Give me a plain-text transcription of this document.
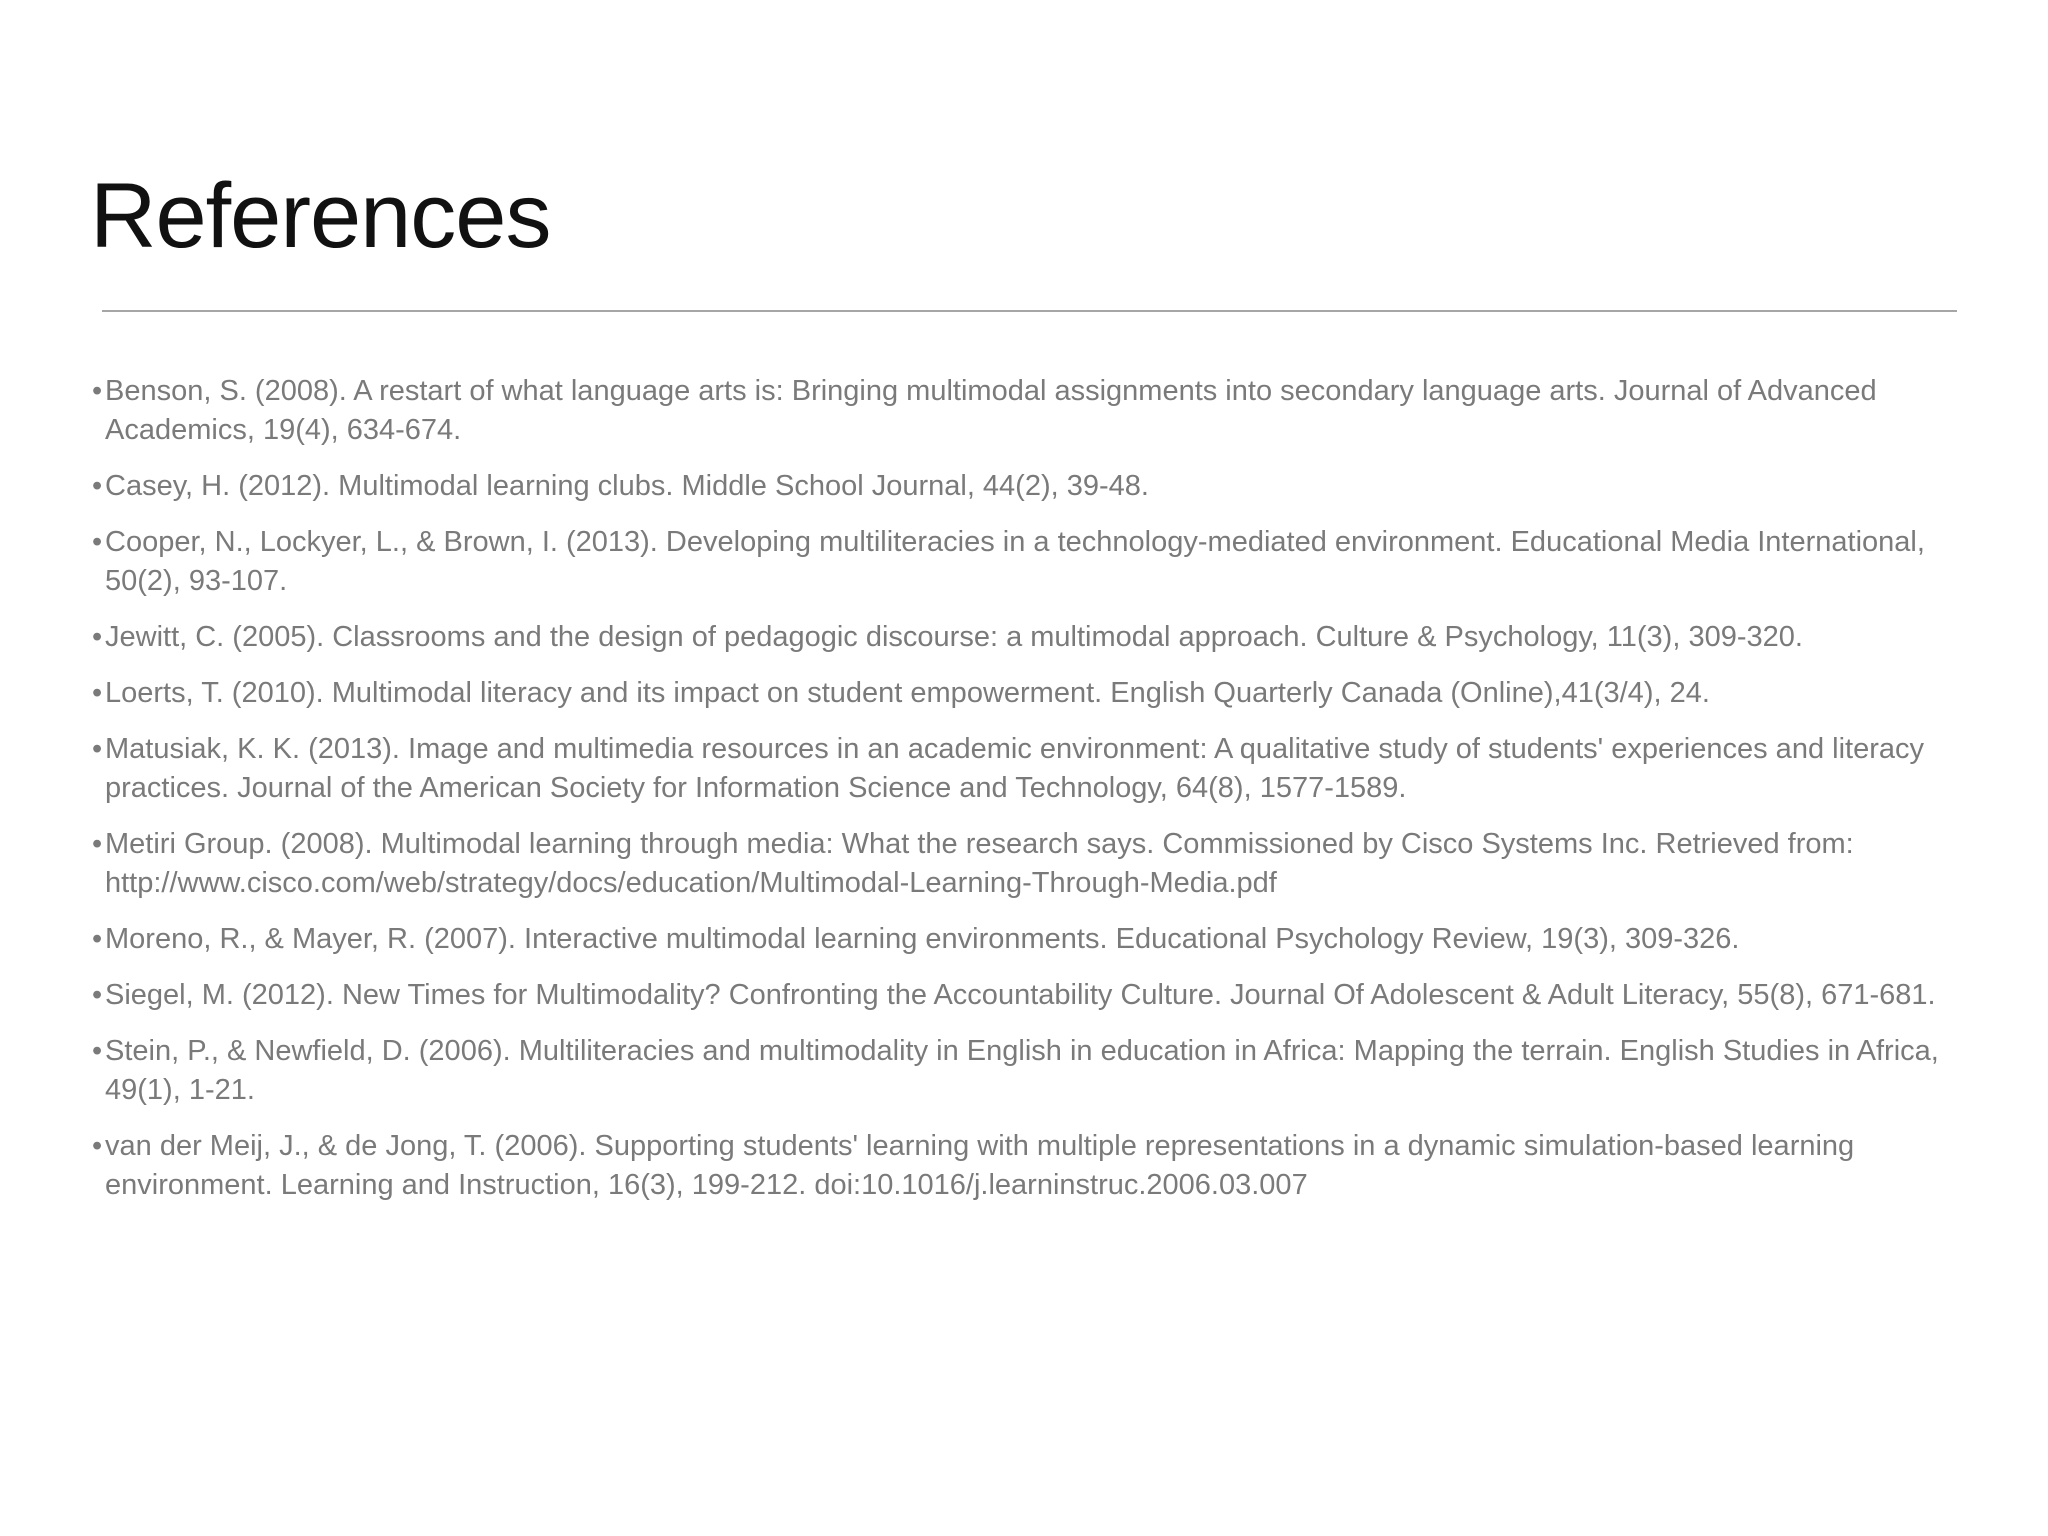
References
• Benson, S. (2008). A restart of what language arts is: Bringing multimodal assignments into secondary language arts. Journal of Advanced Academics, 19(4), 634-674.
• Casey, H. (2012). Multimodal learning clubs. Middle School Journal, 44(2), 39-48.
• Cooper, N., Lockyer, L., & Brown, I. (2013). Developing multiliteracies in a technology-mediated environment. Educational Media International, 50(2), 93-107.
• Jewitt, C. (2005). Classrooms and the design of pedagogic discourse: a multimodal approach. Culture & Psychology, 11(3), 309-320.
• Loerts, T. (2010). Multimodal literacy and its impact on student empowerment. English Quarterly Canada (Online),41(3/4), 24.
• Matusiak, K. K. (2013). Image and multimedia resources in an academic environment: A qualitative study of students' experiences and literacy practices. Journal of the American Society for Information Science and Technology, 64(8), 1577-1589.
• Metiri Group. (2008). Multimodal learning through media: What the research says. Commissioned by Cisco Systems Inc. Retrieved from: http://www.cisco.com/web/strategy/docs/education/Multimodal-Learning-Through-Media.pdf
• Moreno, R., & Mayer, R. (2007). Interactive multimodal learning environments. Educational Psychology Review, 19(3), 309-326.
• Siegel, M. (2012). New Times for Multimodality? Confronting the Accountability Culture. Journal Of Adolescent & Adult Literacy, 55(8), 671-681.
• Stein, P., & Newfield, D. (2006). Multiliteracies and multimodality in English in education in Africa: Mapping the terrain. English Studies in Africa, 49(1), 1-21.
• van der Meij, J., & de Jong, T. (2006). Supporting students' learning with multiple representations in a dynamic simulation-based learning environment. Learning and Instruction, 16(3), 199-212. doi:10.1016/j.learninstruc.2006.03.007
